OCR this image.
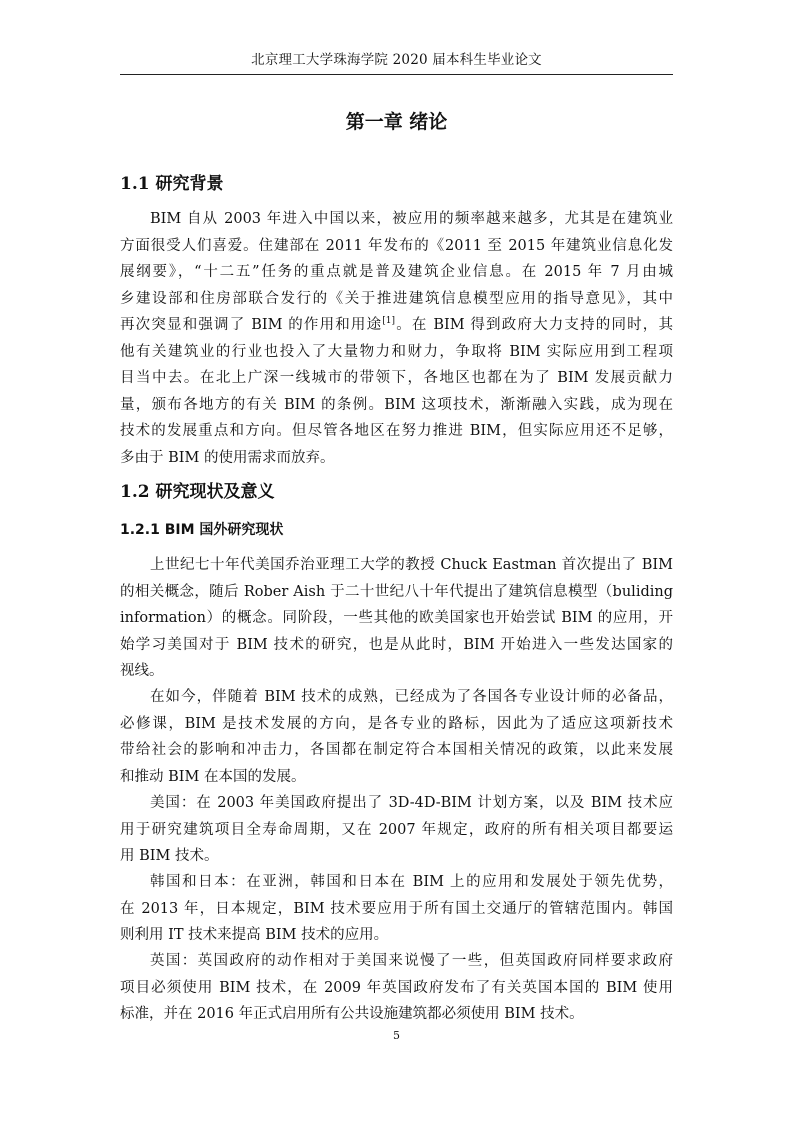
北京理工大学珠海学院 2020 届本科生毕业论文
第一章 绪论
1.1 研究背景
BIM 自从 2003 年进入中国以来，被应用的频率越来越多，尤其是在建筑业
方面很受人们喜爱。住建部在 2011 年发布的《2011 至 2015 年建筑业信息化发
展纲要》，“十二五”任务的重点就是普及建筑企业信息。在 2015 年 7 月由城
乡建设部和住房部联合发行的《关于推进建筑信息模型应用的指导意见》，其中
再次突显和强调了 BIM 的作用和用途[1]。在 BIM 得到政府大力支持的同时，其
他有关建筑业的行业也投入了大量物力和财力，争取将 BIM 实际应用到工程项
目当中去。在北上广深一线城市的带领下，各地区也都在为了 BIM 发展贡献力
量，颁布各地方的有关 BIM 的条例。BIM 这项技术，渐渐融入实践，成为现在
技术的发展重点和方向。但尽管各地区在努力推进 BIM，但实际应用还不足够，
多由于 BIM 的使用需求而放弃。
1.2 研究现状及意义
1.2.1 BIM 国外研究现状
上世纪七十年代美国乔治亚理工大学的教授 Chuck Eastman 首次提出了 BIM
的相关概念，随后 Rober Aish 于二十世纪八十年代提出了建筑信息模型（buliding
information）的概念。同阶段，一些其他的欧美国家也开始尝试 BIM 的应用，开
始学习美国对于 BIM 技术的研究，也是从此时，BIM 开始进入一些发达国家的
视线。
在如今，伴随着 BIM 技术的成熟，已经成为了各国各专业设计师的必备品，
必修课，BIM 是技术发展的方向，是各专业的路标，因此为了适应这项新技术
带给社会的影响和冲击力，各国都在制定符合本国相关情况的政策，以此来发展
和推动 BIM 在本国的发展。
美国：在 2003 年美国政府提出了 3D-4D-BIM 计划方案，以及 BIM 技术应
用于研究建筑项目全寿命周期，又在 2007 年规定，政府的所有相关项目都要运
用 BIM 技术。
韩国和日本：在亚洲，韩国和日本在 BIM 上的应用和发展处于领先优势，
在 2013 年，日本规定，BIM 技术要应用于所有国土交通厅的管辖范围内。韩国
则利用 IT 技术来提高 BIM 技术的应用。
英国：英国政府的动作相对于美国来说慢了一些，但英国政府同样要求政府
项目必须使用 BIM 技术，在 2009 年英国政府发布了有关英国本国的 BIM 使用
标准，并在 2016 年正式启用所有公共设施建筑都必须使用 BIM 技术。
5
